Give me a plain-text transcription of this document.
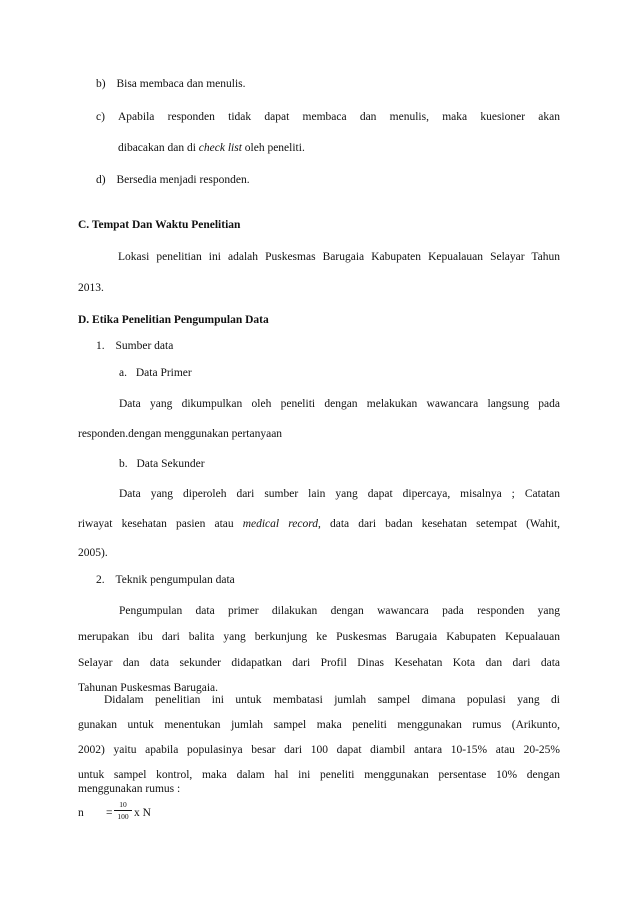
b) Bisa membaca dan menulis.
c) Apabila responden tidak dapat membaca dan menulis, maka kuesioner akan
dibacakan dan di check list oleh peneliti.
d) Bersedia menjadi responden.
C. Tempat Dan Waktu Penelitian
Lokasi penelitian ini adalah Puskesmas Barugaia Kabupaten Kepualauan Selayar Tahun
2013.
D. Etika Penelitian Pengumpulan Data
1. Sumber data
a. Data Primer
Data yang dikumpulkan oleh peneliti dengan melakukan wawancara langsung pada
responden.dengan menggunakan pertanyaan
b. Data Sekunder
Data yang diperoleh dari sumber lain yang dapat dipercaya, misalnya ; Catatan
riwayat kesehatan pasien atau medical record, data dari badan kesehatan setempat (Wahit,
2005).
2. Teknik pengumpulan data
Pengumpulan data primer dilakukan dengan wawancara pada responden yang
merupakan ibu dari balita yang berkunjung ke Puskesmas Barugaia Kabupaten Kepualauan
Selayar dan data sekunder didapatkan dari Profil Dinas Kesehatan Kota dan dari data
Tahunan Puskesmas Barugaia.
Didalam penelitian ini untuk membatasi jumlah sampel dimana populasi yang di
gunakan untuk menentukan jumlah sampel maka peneliti menggunakan rumus (Arikunto,
2002) yaitu apabila populasinya besar dari 100 dapat diambil antara 10-15% atau 20-25%
untuk sampel kontrol, maka dalam hal ini peneliti menggunakan persentase 10% dengan
menggunakan rumus :
n =
10
100 x N
